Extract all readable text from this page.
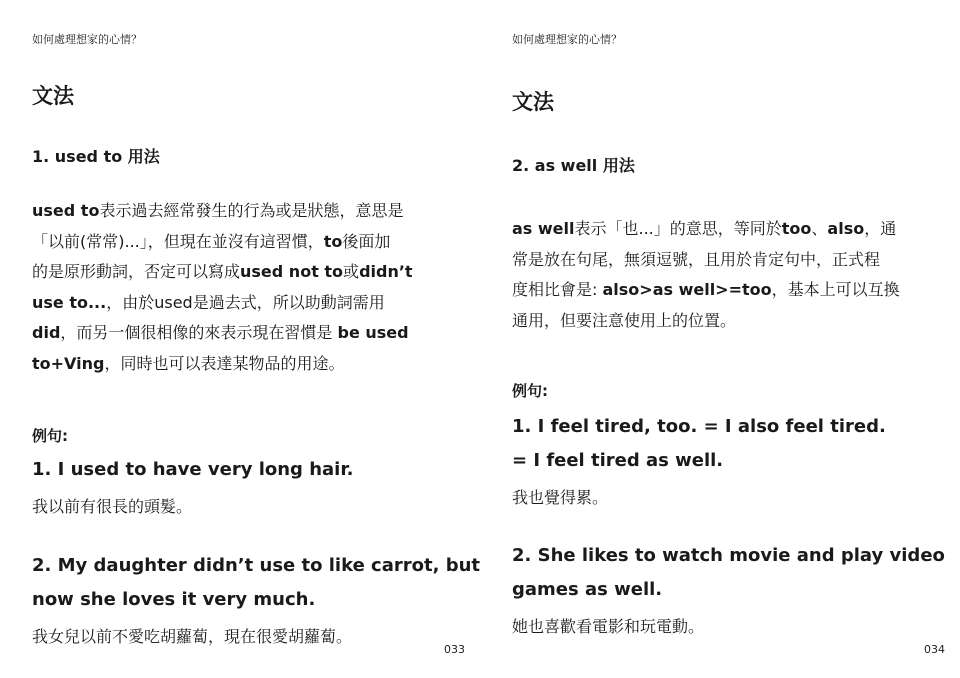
如何處理想家的心情？
文法
1. used to 用法
used to表示過去經常發生的行為或是狀態，意思是
「以前(常常)...」，但現在並沒有這習慣，to後面加
的是原形動詞，否定可以寫成used not to或didn’t
use to...，由於used是過去式，所以助動詞需用
did，而另一個很相像的來表示現在習慣是 be used
to+Ving，同時也可以表達某物品的用途。
例句:
1. I used to have very long hair.
我以前有很長的頭髮。
2. My daughter didn’t use to like carrot, but
now she loves it very much.
我女兒以前不愛吃胡蘿蔔，現在很愛胡蘿蔔。
033
如何處理想家的心情？
文法
2. as well 用法
as well表示「也...」的意思，等同於too、also，通
常是放在句尾，無須逗號，且用於肯定句中，正式程
度相比會是: also>as well>=too，基本上可以互換
通用，但要注意使用上的位置。
例句:
1. I feel tired, too. = I also feel tired.
= I feel tired as well.
我也覺得累。
2. She likes to watch movie and play video
games as well.
她也喜歡看電影和玩電動。
034
